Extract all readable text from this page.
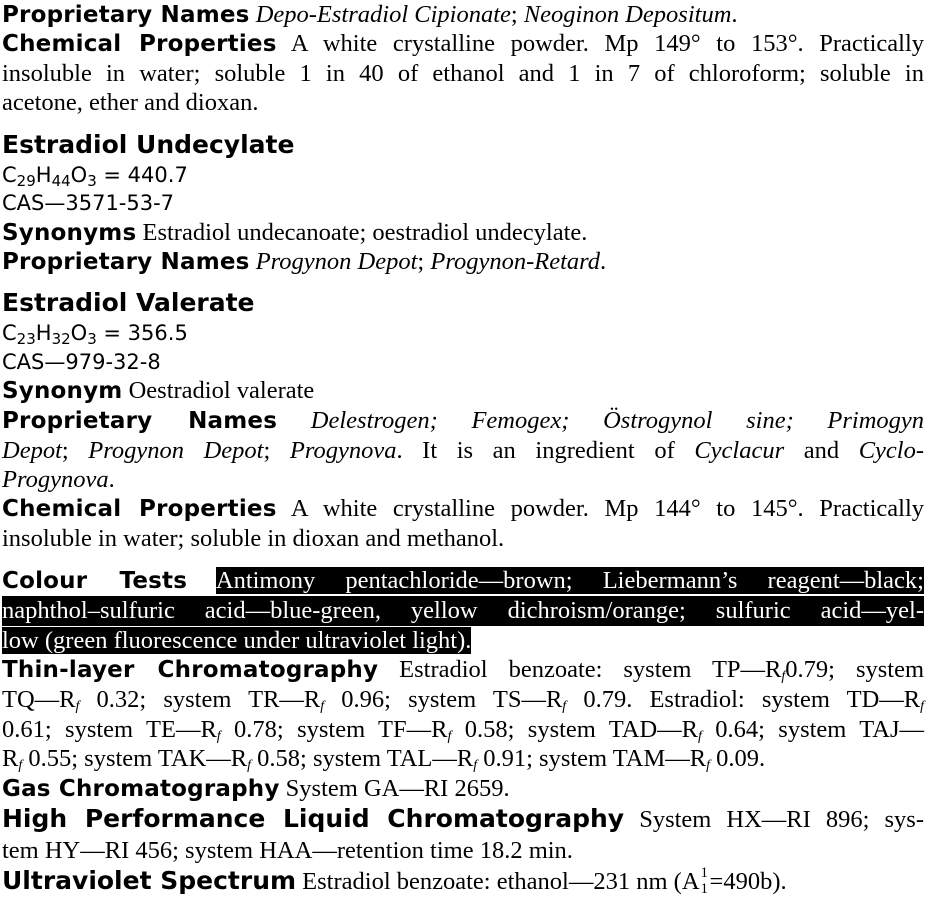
Proprietary Names Depo-Estradiol Cipionate; Neoginon Depositum.
Chemical Properties A white crystalline powder. Mp 149° to 153°. Practically
insoluble in water; soluble 1 in 40 of ethanol and 1 in 7 of chloroform; soluble in
acetone, ether and dioxan.
Estradiol Undecylate
$C_{29}H_{44}O_3 = 440.7$
CAS—3571-53-7
Synonyms Estradiol undecanoate; oestradiol undecylate.
Proprietary Names Progynon Depot; Progynon-Retard.
Estradiol Valerate
$C_{23}H_{32}O_3 = 356.5$
CAS—979-32-8
Synonym Oestradiol valerate
Proprietary Names Delestrogen; Femogex; Östrogynol sine; Primogyn
Depot; Progynon Depot; Progynova. It is an ingredient of Cyclacur and Cyclo-
Progynova.
Chemical Properties A white crystalline powder. Mp 144° to 145°. Practically
insoluble in water; soluble in dioxan and methanol.
Colour Tests Antimony pentachloride—brown; Liebermann’s reagent—black;
naphthol–sulfuric acid—blue-green, yellow dichroism/orange; sulfuric acid—yel-
low (green fluorescence under ultraviolet light).
Thin-layer Chromatography Estradiol benzoate: system $TP—R_f0.79$; system
$TQ—R_f$ 0.32; system $TR—R_f$ 0.96; system $TS—R_f$ 0.79. Estradiol: system $TD—R_f$
0.61; system $TE—R_f$ 0.78; system $TF—R_f$ 0.58; system $TAD—R_f$ 0.64; system TAJ—
$R_f$ 0.55; system $TAK—R_f$ 0.58; system $TAL—R_f$ 0.91; system $TAM—R_f$ 0.09.
Gas Chromatography System GA—RI 2659.
High Performance Liquid Chromatography System HX—RI 896; sys-
tem HY—RI 456; system HAA—retention time 18.2 min.
Ultraviolet Spectrum Estradiol benzoate: ethanol—231 nm (A 1
1 =490b).
